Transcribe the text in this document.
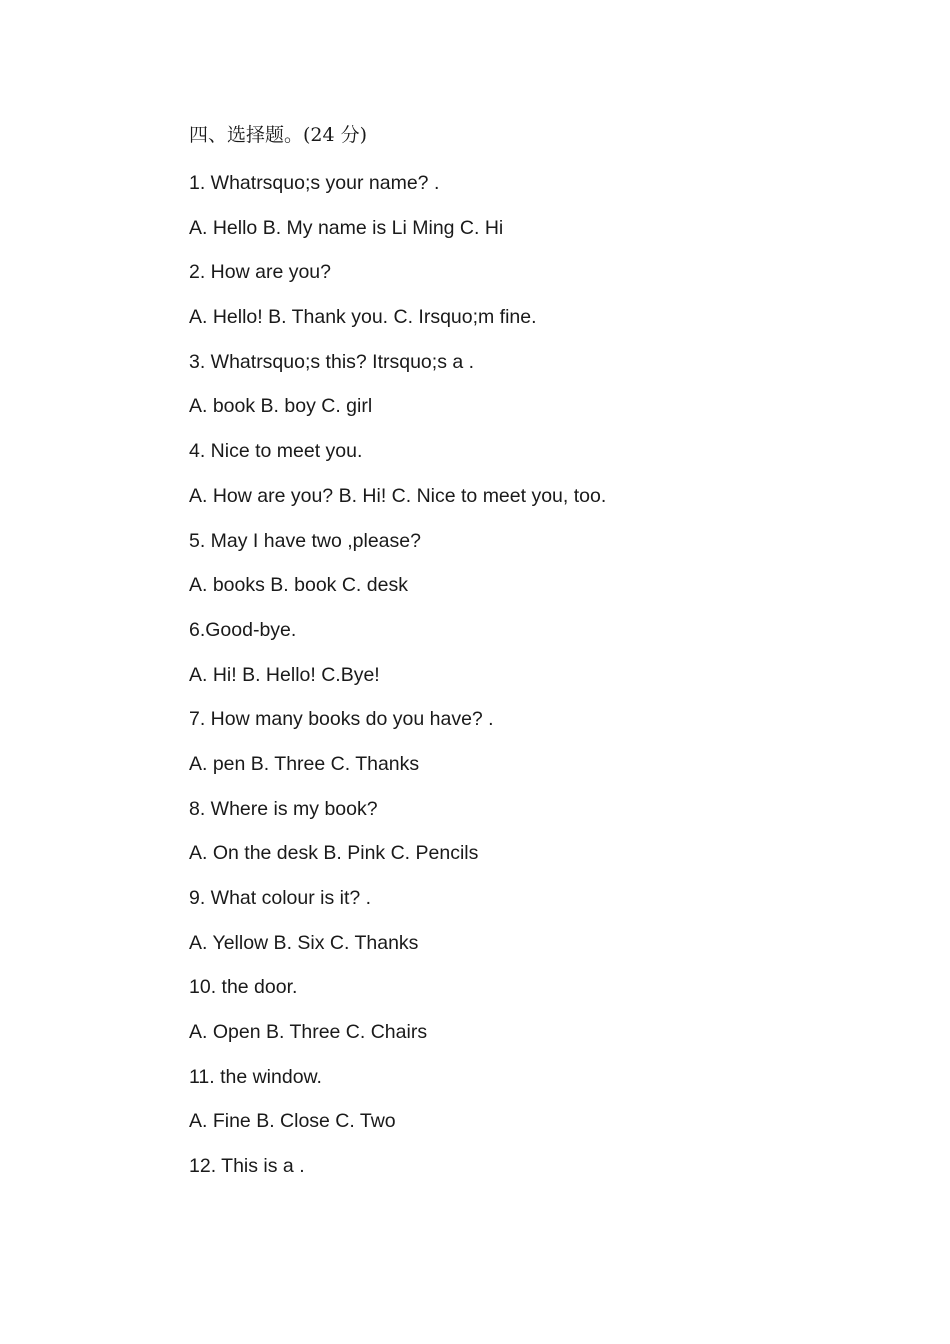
四、选择题。(24 分)
1. Whatrsquo;s your name? .
A. Hello B. My name is Li Ming C. Hi
2. How are you?
A. Hello! B. Thank you. C. Irsquo;m fine.
3. Whatrsquo;s this? Itrsquo;s a .
A. book B. boy C. girl
4. Nice to meet you.
A. How are you? B. Hi! C. Nice to meet you, too.
5. May I have two ,please?
A. books B. book C. desk
6.Good-bye.
A. Hi! B. Hello! C.Bye!
7. How many books do you have? .
A. pen B. Three C. Thanks
8. Where is my book?
A. On the desk B. Pink C. Pencils
9. What colour is it? .
A. Yellow B. Six C. Thanks
10. the door.
A. Open B. Three C. Chairs
11. the window.
A. Fine B. Close C. Two
12. This is a .
